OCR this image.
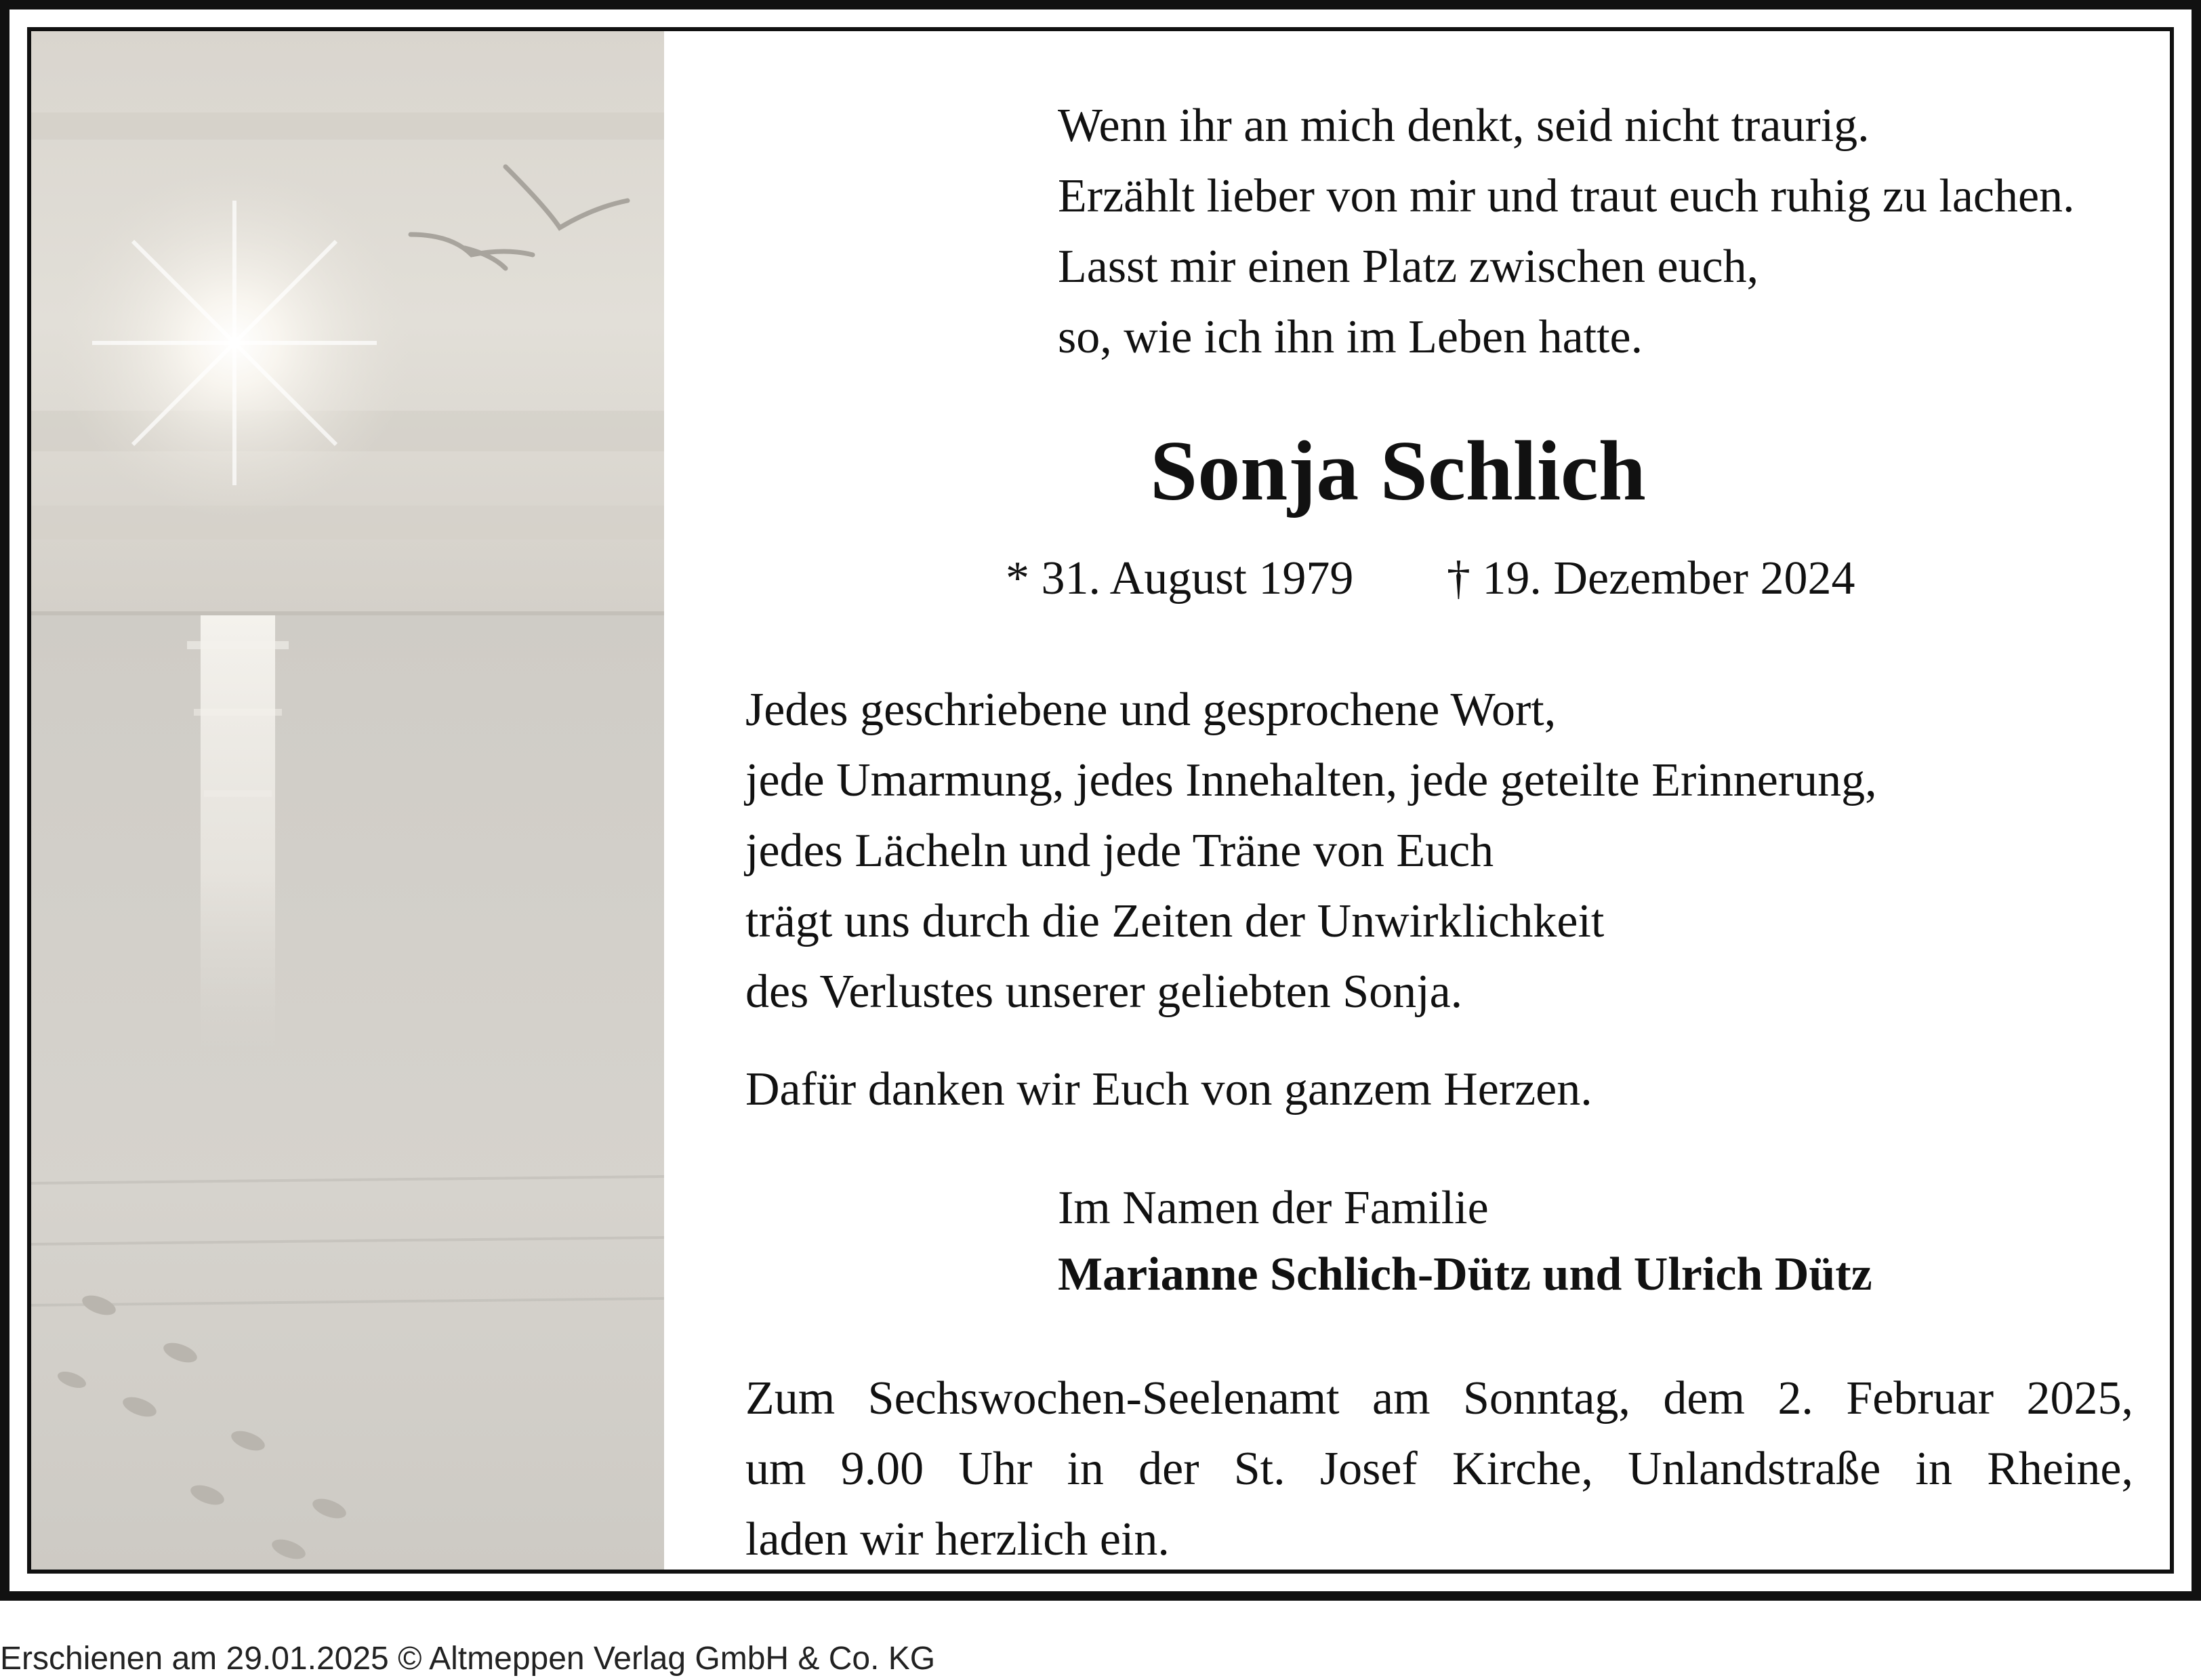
Wenn ihr an mich denkt, seid nicht traurig.
Erzählt lieber von mir und traut euch ruhig zu lachen.
Lasst mir einen Platz zwischen euch,
so, wie ich ihn im Leben hatte.
Sonja Schlich
* 31. August 1979 † 19. Dezember 2024
Jedes geschriebene und gesprochene Wort,
jede Umarmung, jedes Innehalten, jede geteilte Erinnerung,
jedes Lächeln und jede Träne von Euch
trägt uns durch die Zeiten der Unwirklichkeit
des Verlustes unserer geliebten Sonja.
Dafür danken wir Euch von ganzem Herzen.
Im Namen der Familie
Marianne Schlich-Dütz und Ulrich Dütz
Zum Sechswochen-Seelenamt am Sonntag, dem 2. Februar 2025,
um 9.00 Uhr in der St. Josef Kirche, Unlandstraße in Rheine,
laden wir herzlich ein.
Erschienen am 29.01.2025 © Altmeppen Verlag GmbH & Co. KG
